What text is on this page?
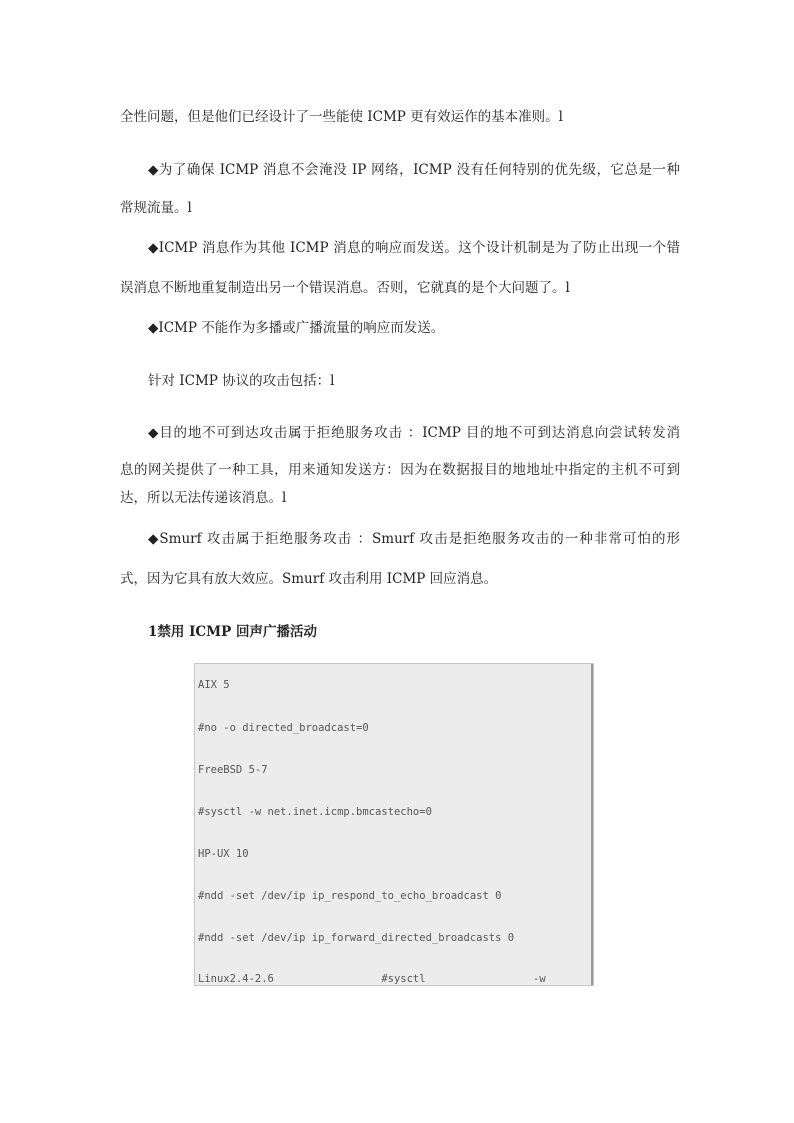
全性问题，但是他们已经设计了一些能使 ICMP 更有效运作的基本准则。l
◆为了确保 ICMP 消息不会淹没 IP 网络，ICMP 没有任何特别的优先级，它总是一种
常规流量。l
◆ICMP 消息作为其他 ICMP 消息的响应而发送。这个设计机制是为了防止出现一个错
误消息不断地重复制造出另一个错误消息。否则，它就真的是个大问题了。l
◆ICMP 不能作为多播或广播流量的响应而发送。
针对 ICMP 协议的攻击包括：l
◆目的地不可到达攻击属于拒绝服务攻击 ：ICMP 目的地不可到达消息向尝试转发消
息的网关提供了一种工具，用来通知发送方：因为在数据报目的地地址中指定的主机不可到
达，所以无法传递该消息。l
◆Smurf 攻击属于拒绝服务攻击 ：Smurf 攻击是拒绝服务攻击的一种非常可怕的形
式，因为它具有放大效应。Smurf 攻击利用 ICMP 回应消息。
1禁用 ICMP 回声广播活动
AIX 5
#no -o directed_broadcast=0
FreeBSD 5-7
#sysctl -w net.inet.icmp.bmcastecho=0
HP-UX 10
#ndd -set /dev/ip ip_respond_to_echo_broadcast 0
#ndd -set /dev/ip ip_forward_directed_broadcasts 0
Linux2.4-2.6                 #sysctl                 -w
